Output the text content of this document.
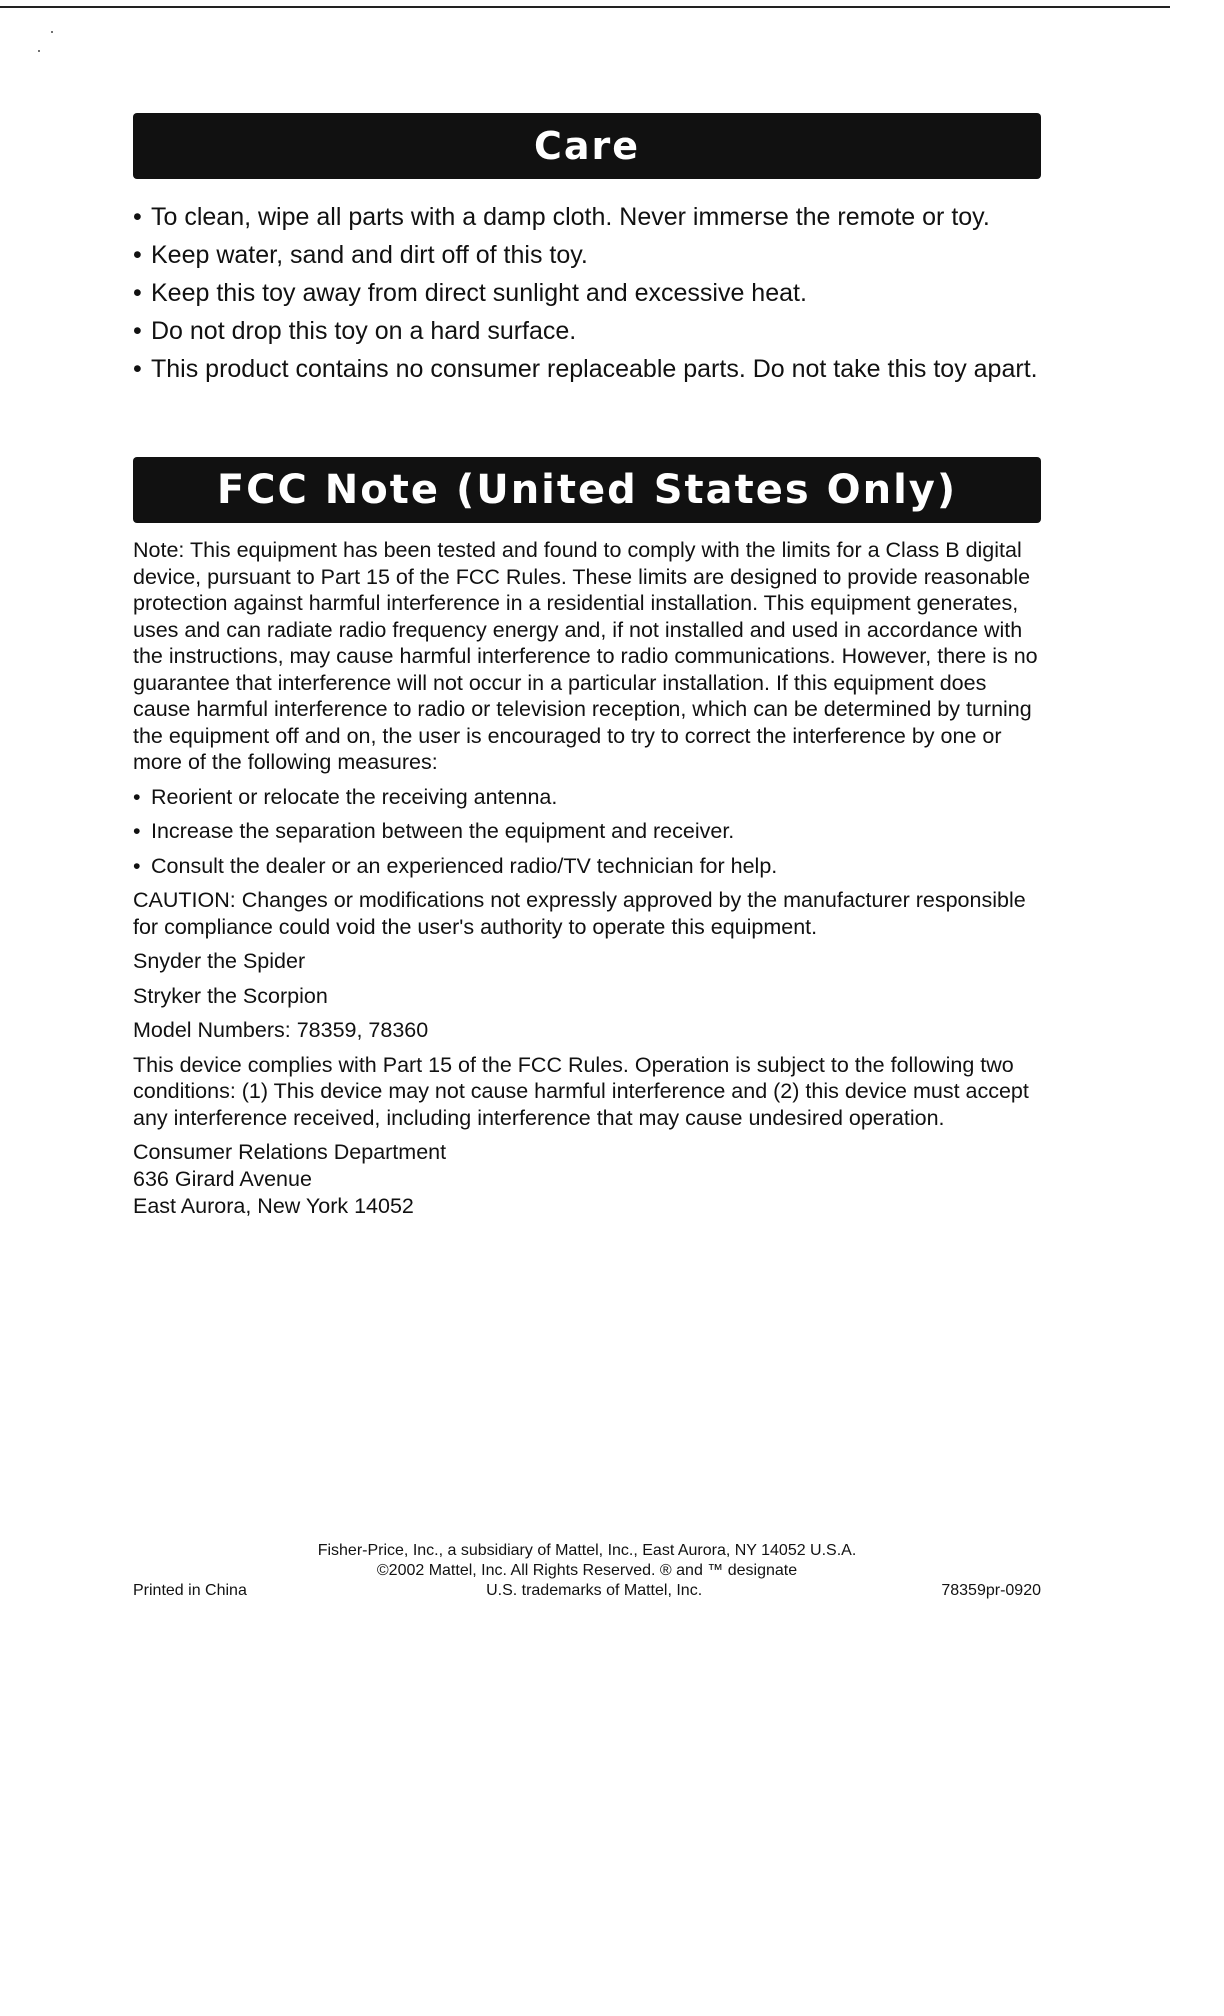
Care
• To clean, wipe all parts with a damp cloth. Never immerse the remote or toy.
• Keep water, sand and dirt off of this toy.
• Keep this toy away from direct sunlight and excessive heat.
• Do not drop this toy on a hard surface.
• This product contains no consumer replaceable parts. Do not take this toy apart.
FCC Note (United States Only)

Note: This equipment has been tested and found to comply with the limits for a Class B digital device, pursuant to Part 15 of the FCC Rules. These limits are designed to provide reasonable protection against harmful interference in a residential installation. This equipment generates, uses and can radiate radio frequency energy and, if not installed and used in accordance with the instructions, may cause harmful interference to radio communications. However, there is no guarantee that interference will not occur in a particular installation. If this equipment does cause harmful interference to radio or television reception, which can be determined by turning the equipment off and on, the user is encouraged to try to correct the interference by one or more of the following measures:

• Reorient or relocate the receiving antenna.
• Increase the separation between the equipment and receiver.
• Consult the dealer or an experienced radio/TV technician for help.

CAUTION: Changes or modifications not expressly approved by the manufacturer responsible for compliance could void the user's authority to operate this equipment.

Snyder the Spider

Stryker the Scorpion

Model Numbers: 78359, 78360

This device complies with Part 15 of the FCC Rules. Operation is subject to the following two conditions: (1) This device may not cause harmful interference and (2) this device must accept any interference received, including interference that may cause undesired operation.

Consumer Relations Department
636 Girard Avenue
East Aurora, New York 14052
Fisher-Price, Inc., a subsidiary of Mattel, Inc., East Aurora, NY 14052 U.S.A.
©2002 Mattel, Inc. All Rights Reserved. ® and ™ designate
Printed in China	U.S. trademarks of Mattel, Inc.	78359pr-0920
